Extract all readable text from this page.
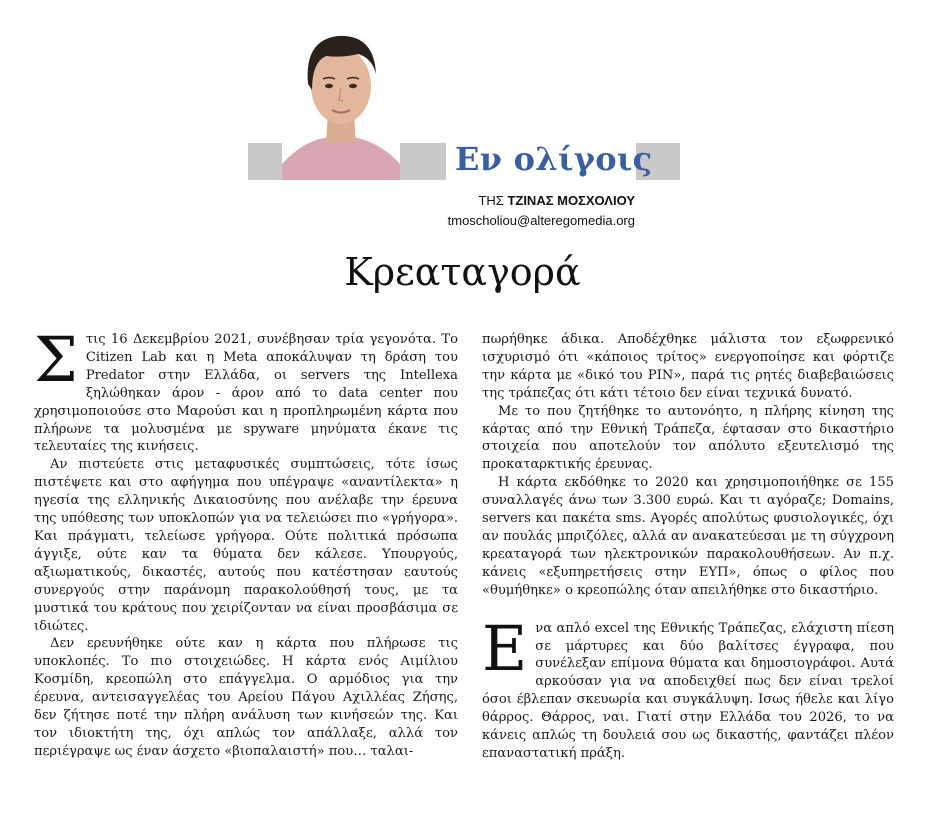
Εν ολίγοις
ΤΗΣ ΤΖΙΝΑΣ ΜΟΣΧΟΛΙΟΥ
tmoscholiou@alteregomedia.org
Κρεαταγορά

Στις 16 Δεκεμβρίου 2021, συνέβησαν τρία γεγονότα. Το Citizen Lab και η Meta αποκάλυψαν τη δράση του Predator στην Ελλάδα, οι servers της Intellexa ξηλώθηκαν άρον - άρον από το data center που χρησιμοποιούσε στο Μαρούσι και η προπληρωμένη κάρτα που πλήρωνε τα μολυσμένα με spyware μηνύματα έκανε τις τελευταίες της κινήσεις.

Αν πιστεύετε στις μεταφυσικές συμπτώσεις, τότε ίσως πιστέψετε και στο αφήγημα που υπέγραψε «αναντίλεκτα» η ηγεσία της ελληνικής Δικαιοσύνης που ανέλαβε την έρευνα της υπόθεσης των υποκλοπών για να τελειώσει πιο «γρήγορα». Και πράγματι, τελείωσε γρήγορα. Ούτε πολιτικά πρόσωπα άγγιξε, ούτε καν τα θύματα δεν κάλεσε. Υπουργούς, αξιωματικούς, δικαστές, αυτούς που κατέστησαν εαυτούς συνεργούς στην παράνομη παρακολούθησή τους, με τα μυστικά του κράτους που χειρίζονταν να είναι προσβάσιμα σε ιδιώτες.

Δεν ερευνήθηκε ούτε καν η κάρτα που πλήρωσε τις υποκλοπές. Το πιο στοιχειώδες. Η κάρτα ενός Αιμίλιου Κοσμίδη, κρεοπώλη στο επάγγελμα. Ο αρμόδιος για την έρευνα, αντεισαγγελέας του Αρείου Πάγου Αχιλλέας Ζήσης, δεν ζήτησε ποτέ την πλήρη ανάλυση των κινήσεών της. Και τον ιδιοκτήτη της, όχι απλώς τον απάλλαξε, αλλά τον περιέγραψε ως έναν άσχετο «βιοπαλαιστή» που… ταλαι-

πωρήθηκε άδικα. Αποδέχθηκε μάλιστα τον εξωφρενικό ισχυρισμό ότι «κάποιος τρίτος» ενεργοποίησε και φόρτιζε την κάρτα με «δικό του PIN», παρά τις ρητές διαβεβαιώσεις της τράπεζας ότι κάτι τέτοιο δεν είναι τεχνικά δυνατό.

Με το που ζητήθηκε το αυτονόητο, η πλήρης κίνηση της κάρτας από την Εθνική Τράπεζα, έφτασαν στο δικαστήριο στοιχεία που αποτελούν τον απόλυτο εξευτελισμό της προκαταρκτικής έρευνας.

Η κάρτα εκδόθηκε το 2020 και χρησιμοποιήθηκε σε 155 συναλλαγές άνω των 3.300 ευρώ. Και τι αγόραζε; Domains, servers και πακέτα sms. Αγορές απολύτως φυσιολογικές, όχι αν πουλάς μπριζόλες, αλλά αν ανακατεύεσαι με τη σύγχρονη κρεαταγορά των ηλεκτρονικών παρακολουθήσεων. Αν π.χ. κάνεις «εξυπηρετήσεις στην ΕΥΠ», όπως ο φίλος που «θυμήθηκε» ο κρεοπώλης όταν απειλήθηκε στο δικαστήριο.

Ενα απλό excel της Εθνικής Τράπεζας, ελάχιστη πίεση σε μάρτυρες και δύο βαλίτσες έγγραφα, που συνέλεξαν επίμονα θύματα και δημοσιογράφοι. Αυτά αρκούσαν για να αποδειχθεί πως δεν είναι τρελοί όσοι έβλεπαν σκευωρία και συγκάλυψη. Ισως ήθελε και λίγο θάρρος. Θάρρος, ναι. Γιατί στην Ελλάδα του 2026, το να κάνεις απλώς τη δουλειά σου ως δικαστής, φαντάζει πλέον επαναστατική πράξη.
